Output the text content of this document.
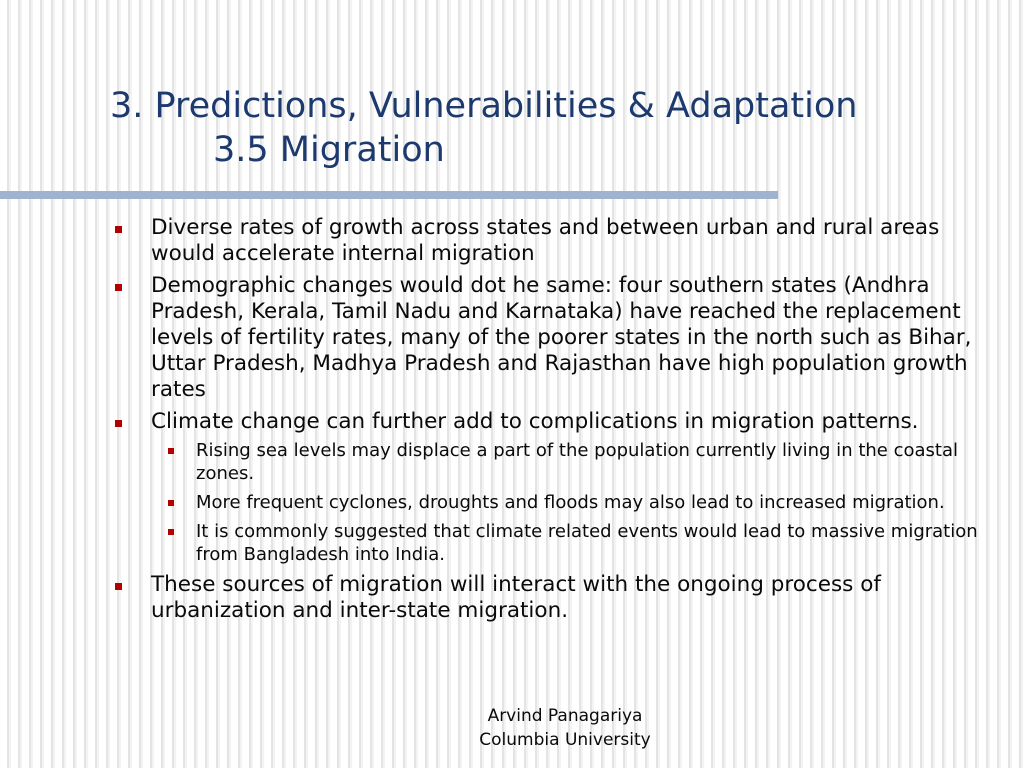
3. Predictions, Vulnerabilities & Adaptation
3.5 Migration
Diverse rates of growth across states and between urban and rural areas would accelerate internal migration
Demographic changes would dot he same: four southern states (Andhra Pradesh, Kerala, Tamil Nadu and Karnataka) have reached the replacement levels of fertility rates, many of the poorer states in the north such as Bihar, Uttar Pradesh, Madhya Pradesh and Rajasthan have high population growth rates
Climate change can further add to complications in migration patterns.
Rising sea levels may displace a part of the population currently living in the coastal zones.
More frequent cyclones, droughts and floods may also lead to increased migration.
It is commonly suggested that climate related events would lead to massive migration from Bangladesh into India.
These sources of migration will interact with the ongoing process of urbanization and inter-state migration.
Arvind Panagariya
Columbia University
